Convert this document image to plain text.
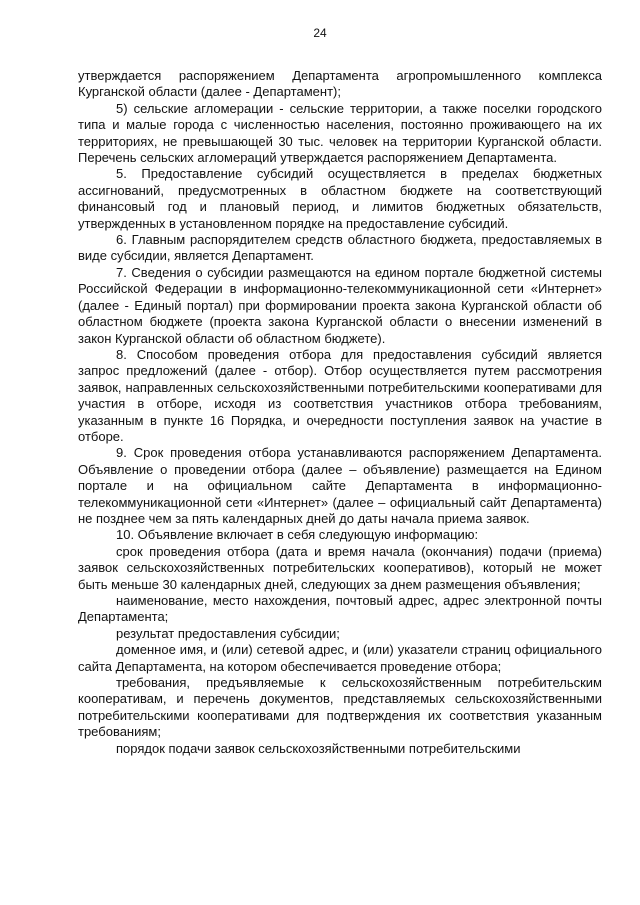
24

утверждается распоряжением Департамента агропромышленного комплекса Курганской области (далее - Департамент);

5) сельские агломерации - сельские территории, а также поселки городского типа и малые города с численностью населения, постоянно проживающего на их территориях, не превышающей 30 тыс. человек на территории Курганской области. Перечень сельских агломераций утверждается распоряжением Департамента.

5. Предоставление субсидий осуществляется в пределах бюджетных ассигнований, предусмотренных в областном бюджете на соответствующий финансовый год и плановый период, и лимитов бюджетных обязательств, утвержденных в установленном порядке на предоставление субсидий.

6. Главным распорядителем средств областного бюджета, предоставляемых в виде субсидии, является Департамент.

7. Сведения о субсидии размещаются на едином портале бюджетной системы Российской Федерации в информационно-телекоммуникационной сети «Интернет» (далее - Единый портал) при формировании проекта закона Курганской области об областном бюджете (проекта закона Курганской области о внесении изменений в закон Курганской области об областном бюджете).

8. Способом проведения отбора для предоставления субсидий является запрос предложений (далее - отбор). Отбор осуществляется путем рассмотрения заявок, направленных сельскохозяйственными потребительскими кооперативами для участия в отборе, исходя из соответствия участников отбора требованиям, указанным в пункте 16 Порядка, и очередности поступления заявок на участие в отборе.

9. Срок проведения отбора устанавливаются распоряжением Департамента. Объявление о проведении отбора (далее – объявление) размещается на Едином портале и на официальном сайте Департамента в информационно-телекоммуникационной сети «Интернет» (далее – официальный сайт Департамента) не позднее чем за пять календарных дней до даты начала приема заявок.

10. Объявление включает в себя следующую информацию:

срок проведения отбора (дата и время начала (окончания) подачи (приема) заявок сельскохозяйственных потребительских кооперативов), который не может быть меньше 30 календарных дней, следующих за днем размещения объявления;

наименование, место нахождения, почтовый адрес, адрес электронной почты Департамента;

результат предоставления субсидии;

доменное имя, и (или) сетевой адрес, и (или) указатели страниц официального сайта Департамента, на котором обеспечивается проведение отбора;

требования, предъявляемые к сельскохозяйственным потребительским кооперативам, и перечень документов, представляемых сельскохозяйственными потребительскими кооперативами для подтверждения их соответствия указанным требованиям;

порядок подачи заявок сельскохозяйственными потребительскими
